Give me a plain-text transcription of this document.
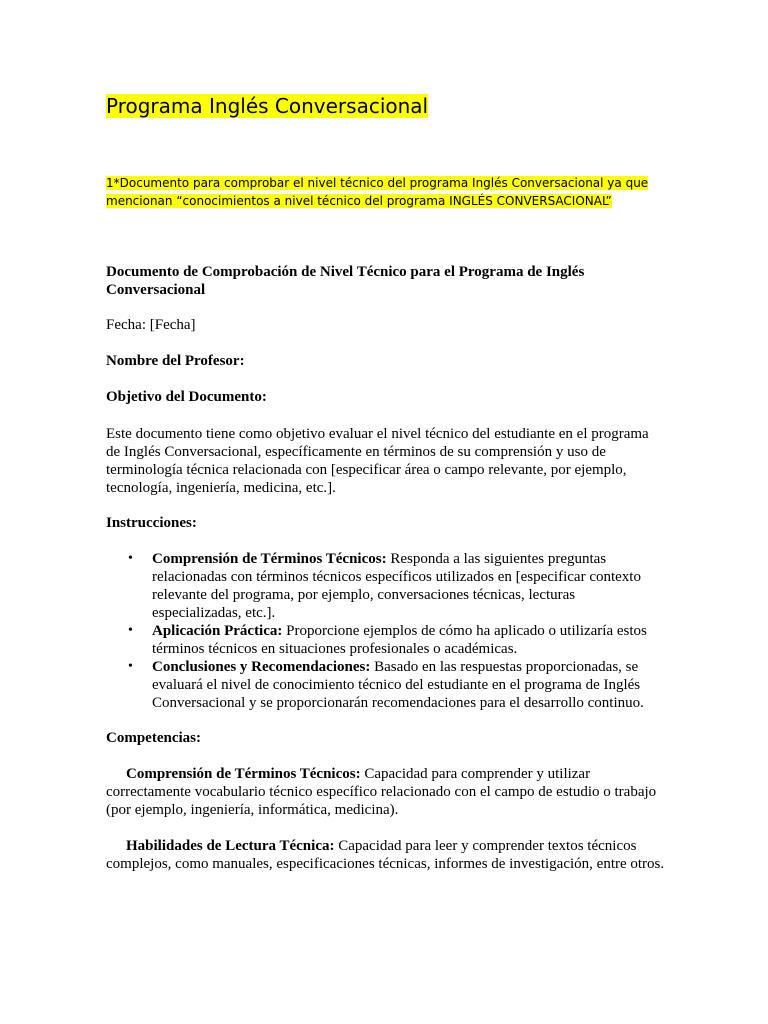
Programa Inglés Conversacional
1*Documento para comprobar el nivel técnico del programa Inglés Conversacional ya que mencionan “conocimientos a nivel técnico del programa INGLÉS CONVERSACIONAL”
Documento de Comprobación de Nivel Técnico para el Programa de Inglés Conversacional
Fecha: [Fecha]
Nombre del Profesor:
Objetivo del Documento:
Este documento tiene como objetivo evaluar el nivel técnico del estudiante en el programa de Inglés Conversacional, específicamente en términos de su comprensión y uso de terminología técnica relacionada con [especificar área o campo relevante, por ejemplo, tecnología, ingeniería, medicina, etc.].
Instrucciones:
• Comprensión de Términos Técnicos: Responda a las siguientes preguntas relacionadas con términos técnicos específicos utilizados en [especificar contexto relevante del programa, por ejemplo, conversaciones técnicas, lecturas especializadas, etc.].
• Aplicación Práctica: Proporcione ejemplos de cómo ha aplicado o utilizaría estos términos técnicos en situaciones profesionales o académicas.
• Conclusiones y Recomendaciones: Basado en las respuestas proporcionadas, se evaluará el nivel de conocimiento técnico del estudiante en el programa de Inglés Conversacional y se proporcionarán recomendaciones para el desarrollo continuo.
Competencias:
Comprensión de Términos Técnicos: Capacidad para comprender y utilizar correctamente vocabulario técnico específico relacionado con el campo de estudio o trabajo (por ejemplo, ingeniería, informática, medicina).
Habilidades de Lectura Técnica: Capacidad para leer y comprender textos técnicos complejos, como manuales, especificaciones técnicas, informes de investigación, entre otros.
